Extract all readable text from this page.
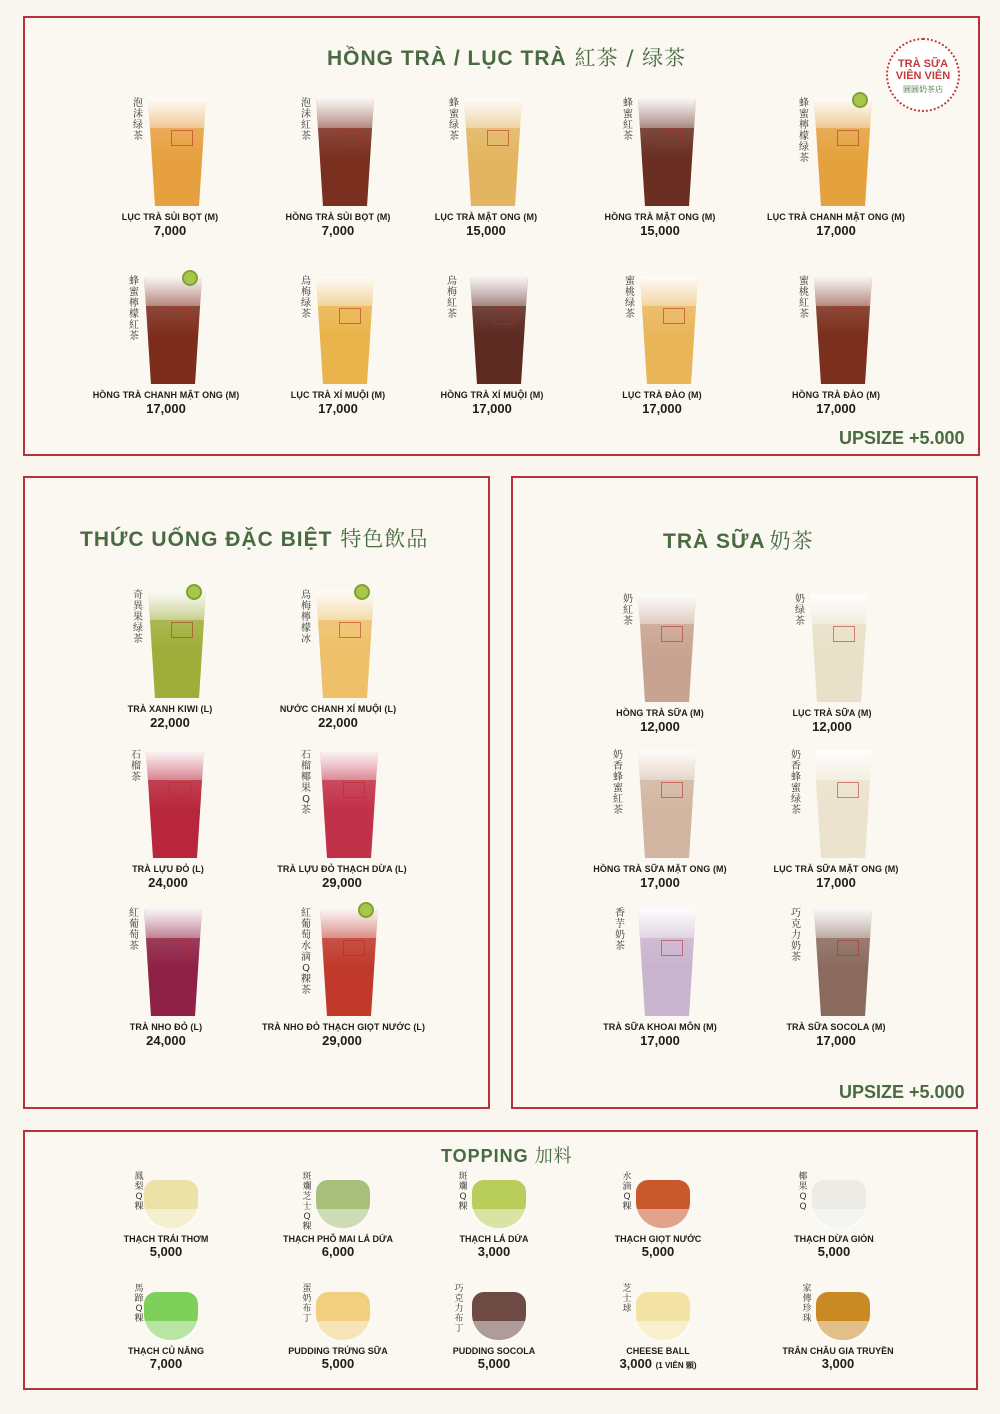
HỒNG TRÀ / LỤC TRÀ 紅茶 / 绿茶	TRÀ SỮA
VIÊN VIÊN
圓圓奶茶店
泡沫绿茶
LỤC TRÀ SỦI BỌT (M)
7,000
泡沫紅茶
HỒNG TRÀ SỦI BỌT (M)
7,000
蜂蜜绿茶
LỤC TRÀ MẬT ONG (M)
15,000
蜂蜜紅茶
HỒNG TRÀ MẬT ONG (M)
15,000
蜂蜜檸檬绿茶
LỤC TRÀ CHANH MẬT ONG (M)
17,000
蜂蜜檸檬紅茶
HỒNG TRÀ CHANH MẬT ONG (M)
17,000
烏梅绿茶
LỤC TRÀ XÍ MUỘI (M)
17,000
烏梅紅茶
HỒNG TRÀ XÍ MUỘI (M)
17,000
蜜桃绿茶
LỤC TRÀ ĐÀO (M)
17,000
蜜桃紅茶
HỒNG TRÀ ĐÀO (M)
17,000
UPSIZE +5.000
THỨC UỐNG ĐẶC BIỆT 特色飲品
奇異果绿茶
TRÀ XANH KIWI (L)
22,000
烏梅檸檬冰
NƯỚC CHANH XÍ MUỘI (L)
22,000
石榴茶
TRÀ LỰU ĐỎ (L)
24,000
石榴椰果Q茶
TRÀ LỰU ĐỎ THẠCH DỪA (L)
29,000
紅葡萄茶
TRÀ NHO ĐỎ (L)
24,000
紅葡萄水滴Q粿茶
TRÀ NHO ĐỎ THẠCH GIỌT NƯỚC (L)
29,000
TRÀ SỮA 奶茶
奶紅茶
HỒNG TRÀ SỮA (M)
12,000
奶绿茶
LỤC TRÀ SỮA (M)
12,000
奶香蜂蜜紅茶
HỒNG TRÀ SỮA MẬT ONG (M)
17,000
奶香蜂蜜绿茶
LỤC TRÀ SỮA MẬT ONG (M)
17,000
香芋奶茶
TRÀ SỮA KHOAI MÔN (M)
17,000
巧克力奶茶
TRÀ SỮA SOCOLA (M)
17,000
UPSIZE +5.000
TOPPING 加料
鳳梨Q粿
THẠCH TRÁI THƠM
5,000
斑斕芝士Q粿
THẠCH PHÔ MAI LÁ DỨA
6,000
斑斕Q粿
THẠCH LÁ DỨA
3,000
水滴Q粿
THẠCH GIỌT NƯỚC
5,000
椰果QQ
THẠCH DỪA GIÒN
5,000
馬蹄Q粿
THẠCH CỦ NĂNG
7,000
蛋奶布丁
PUDDING TRỨNG SỮA
5,000
巧克力布丁
PUDDING SOCOLA
5,000
芝士球
CHEESE BALL
3,000 (1 VIÊN 顆)
家傳珍珠
TRÂN CHÂU GIA TRUYỀN
3,000
